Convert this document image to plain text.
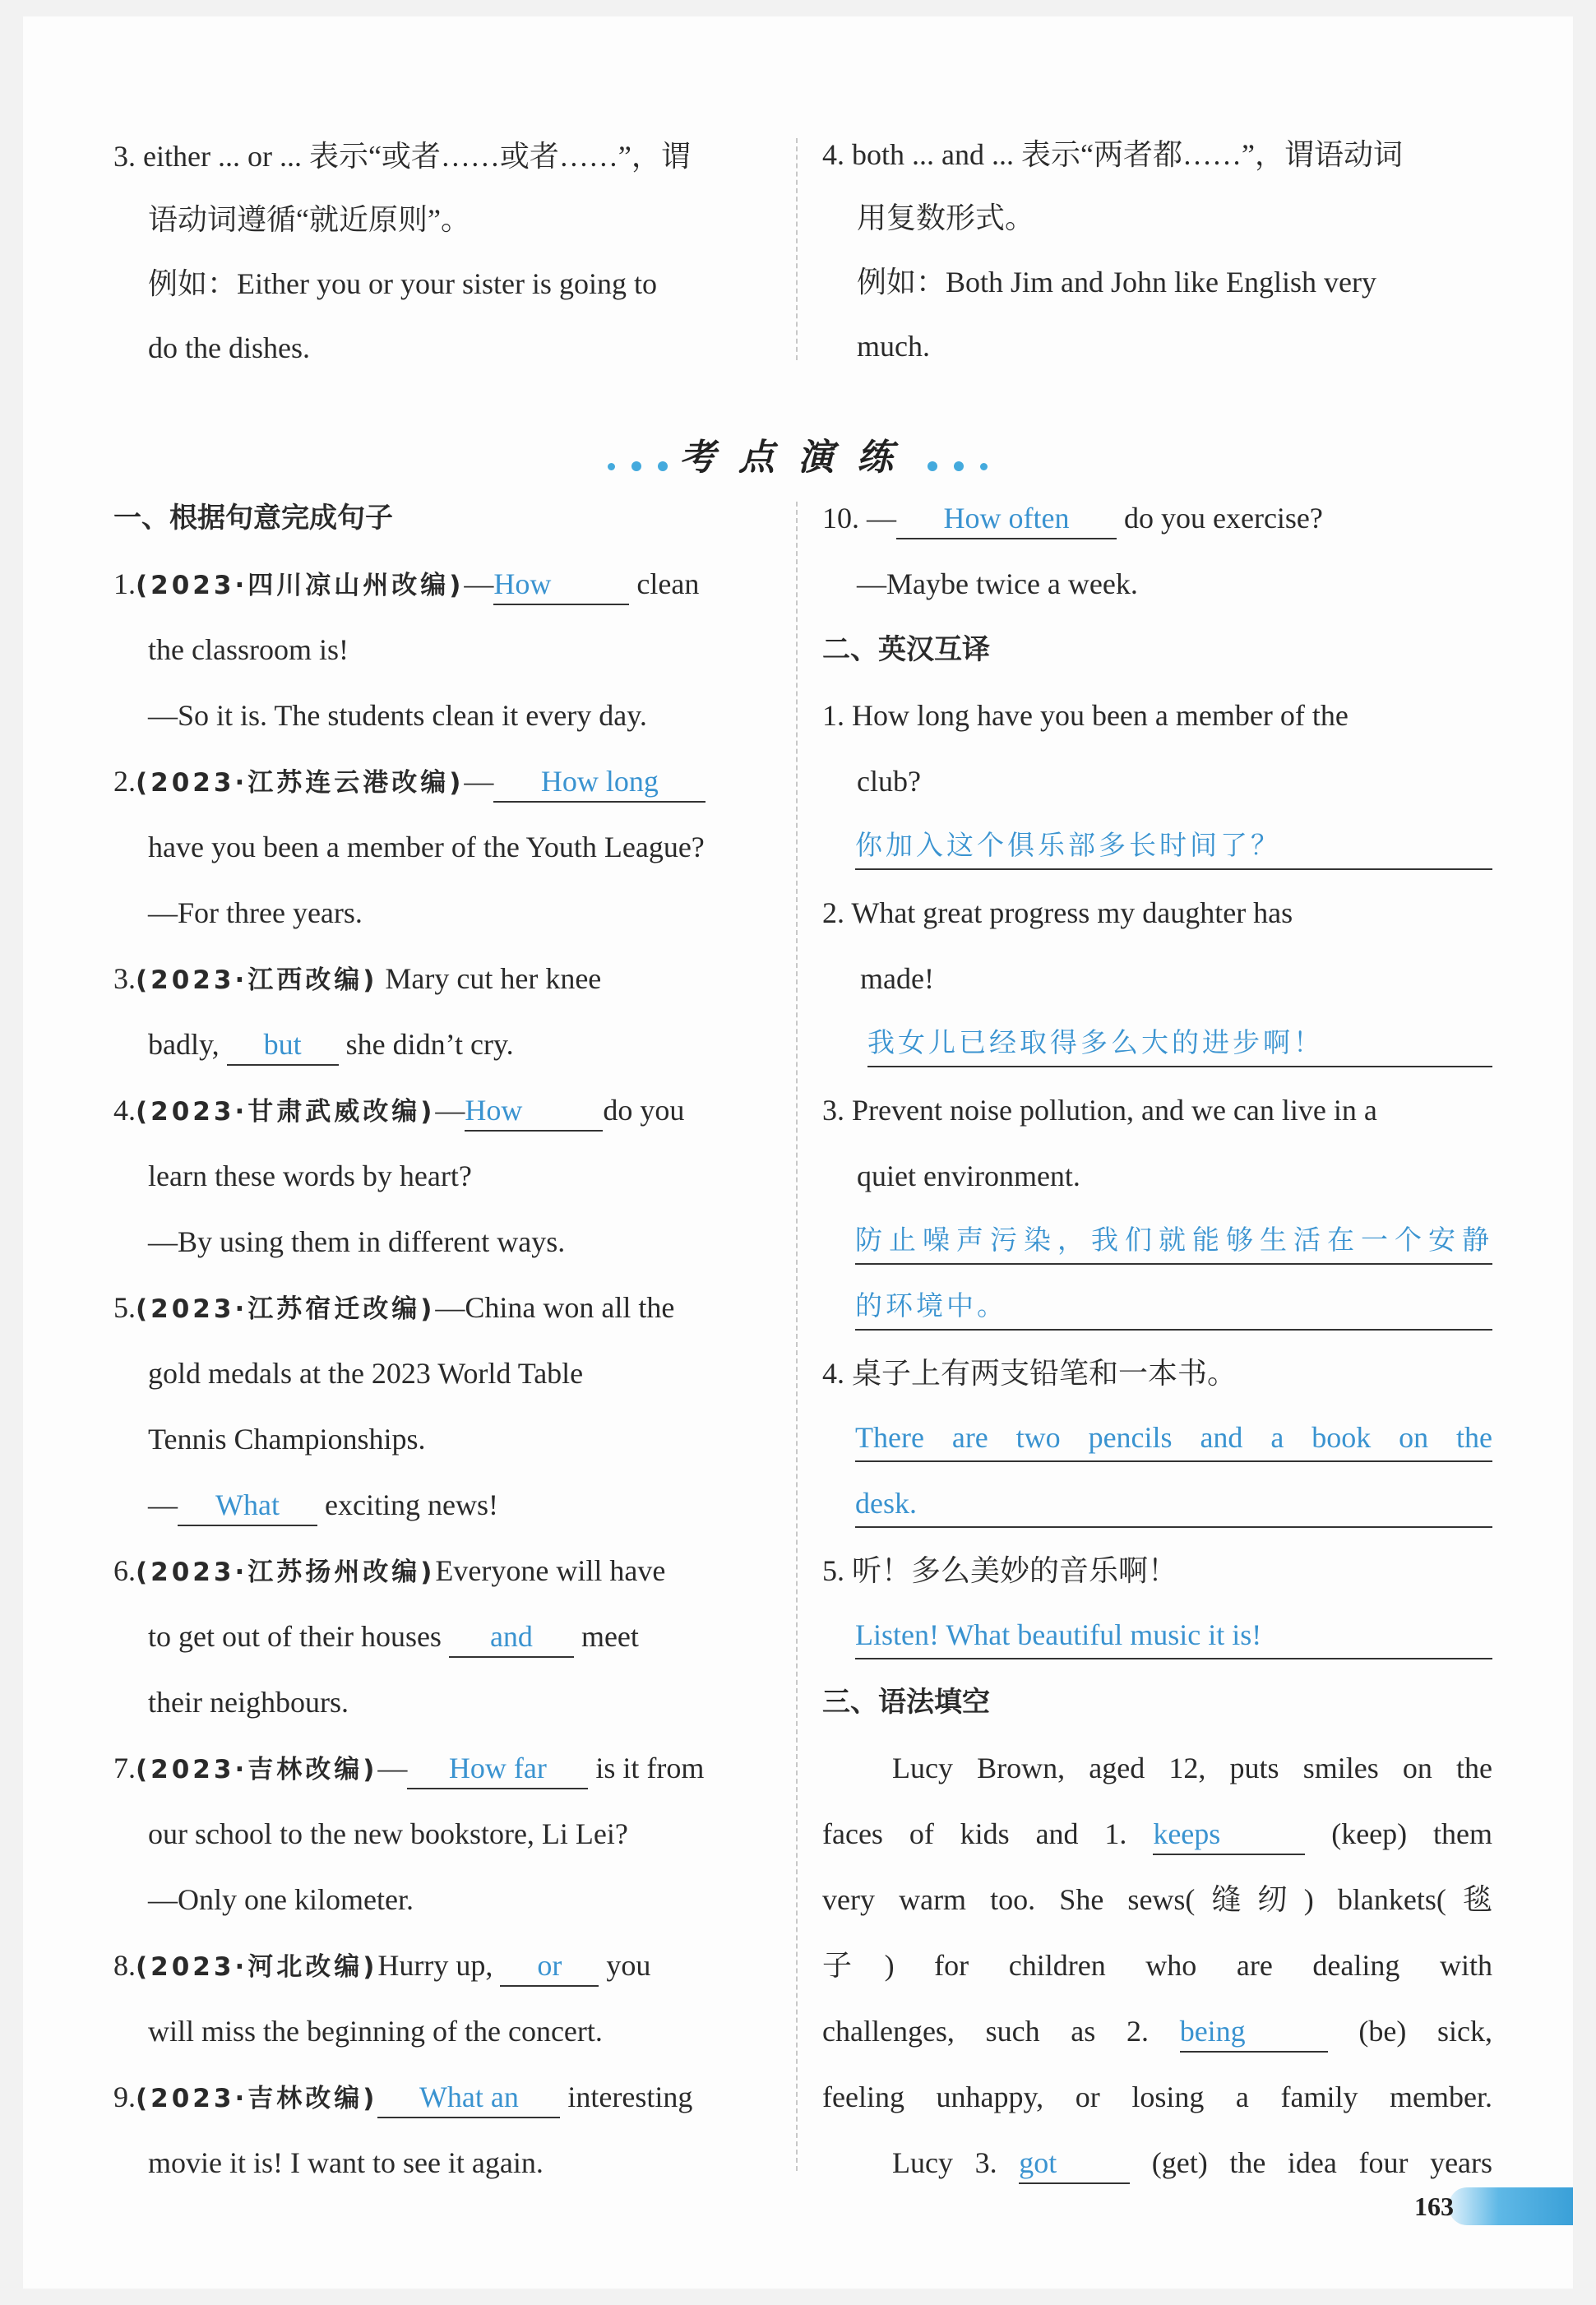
3. either ... or ... 表示“或者……或者……”，谓
语动词遵循“就近原则”。
例如：Either you or your sister is going to
do the dishes.
4. both ... and ... 表示“两者都……”，谓语动词
用复数形式。
例如：Both Jim and John like English very
much.
考点演练
一、根据句意完成句子
1.(2023·四川凉山州改编)—How	clean
the classroom is!
—So it is. The students clean it every day.
2.(2023·江苏连云港改编)— How long
have you been a member of the Youth League?
—For three years.
3.(2023·江西改编) Mary cut her knee
badly, but she didn’t cry.
4.(2023·甘肃武威改编)—How	do you
learn these words by heart?
—By using them in different ways.
5.(2023·江苏宿迁改编)—China won all the
gold medals at the 2023 World Table
Tennis Championships.
— What exciting news!
6.(2023·江苏扬州改编)Everyone will have
to get out of their houses and meet
their neighbours.
7.(2023·吉林改编)— How far is it from
our school to the new bookstore, Li Lei?
—Only one kilometer.
8.(2023·河北改编)Hurry up, or you
will miss the beginning of the concert.
9.(2023·吉林改编) What an interesting
movie it is! I want to see it again.
10. — How often do you exercise?
—Maybe twice a week.
二、英汉互译
1. How long have you been a member of the
club?
你加入这个俱乐部多长时间了？
2. What great progress my daughter has
made!
我女儿已经取得多么大的进步啊！
3. Prevent noise pollution, and we can live in a
quiet environment.
防止噪声污染，我们就能够生活在一个安静
的环境中。
4. 桌子上有两支铅笔和一本书。
There are two pencils and a book on the
desk.
5. 听！多么美妙的音乐啊！
Listen! What beautiful music it is!
三、语法填空
Lucy Brown, aged 12, puts smiles on the
faces of kids and 1. keeps	(keep) them
very warm too. She sews(缝纫) blankets(毯
子) for children who are dealing with
challenges, such as 2. being	(be) sick,
feeling unhappy, or losing a family member.
Lucy 3. got	(get) the idea four years
163
